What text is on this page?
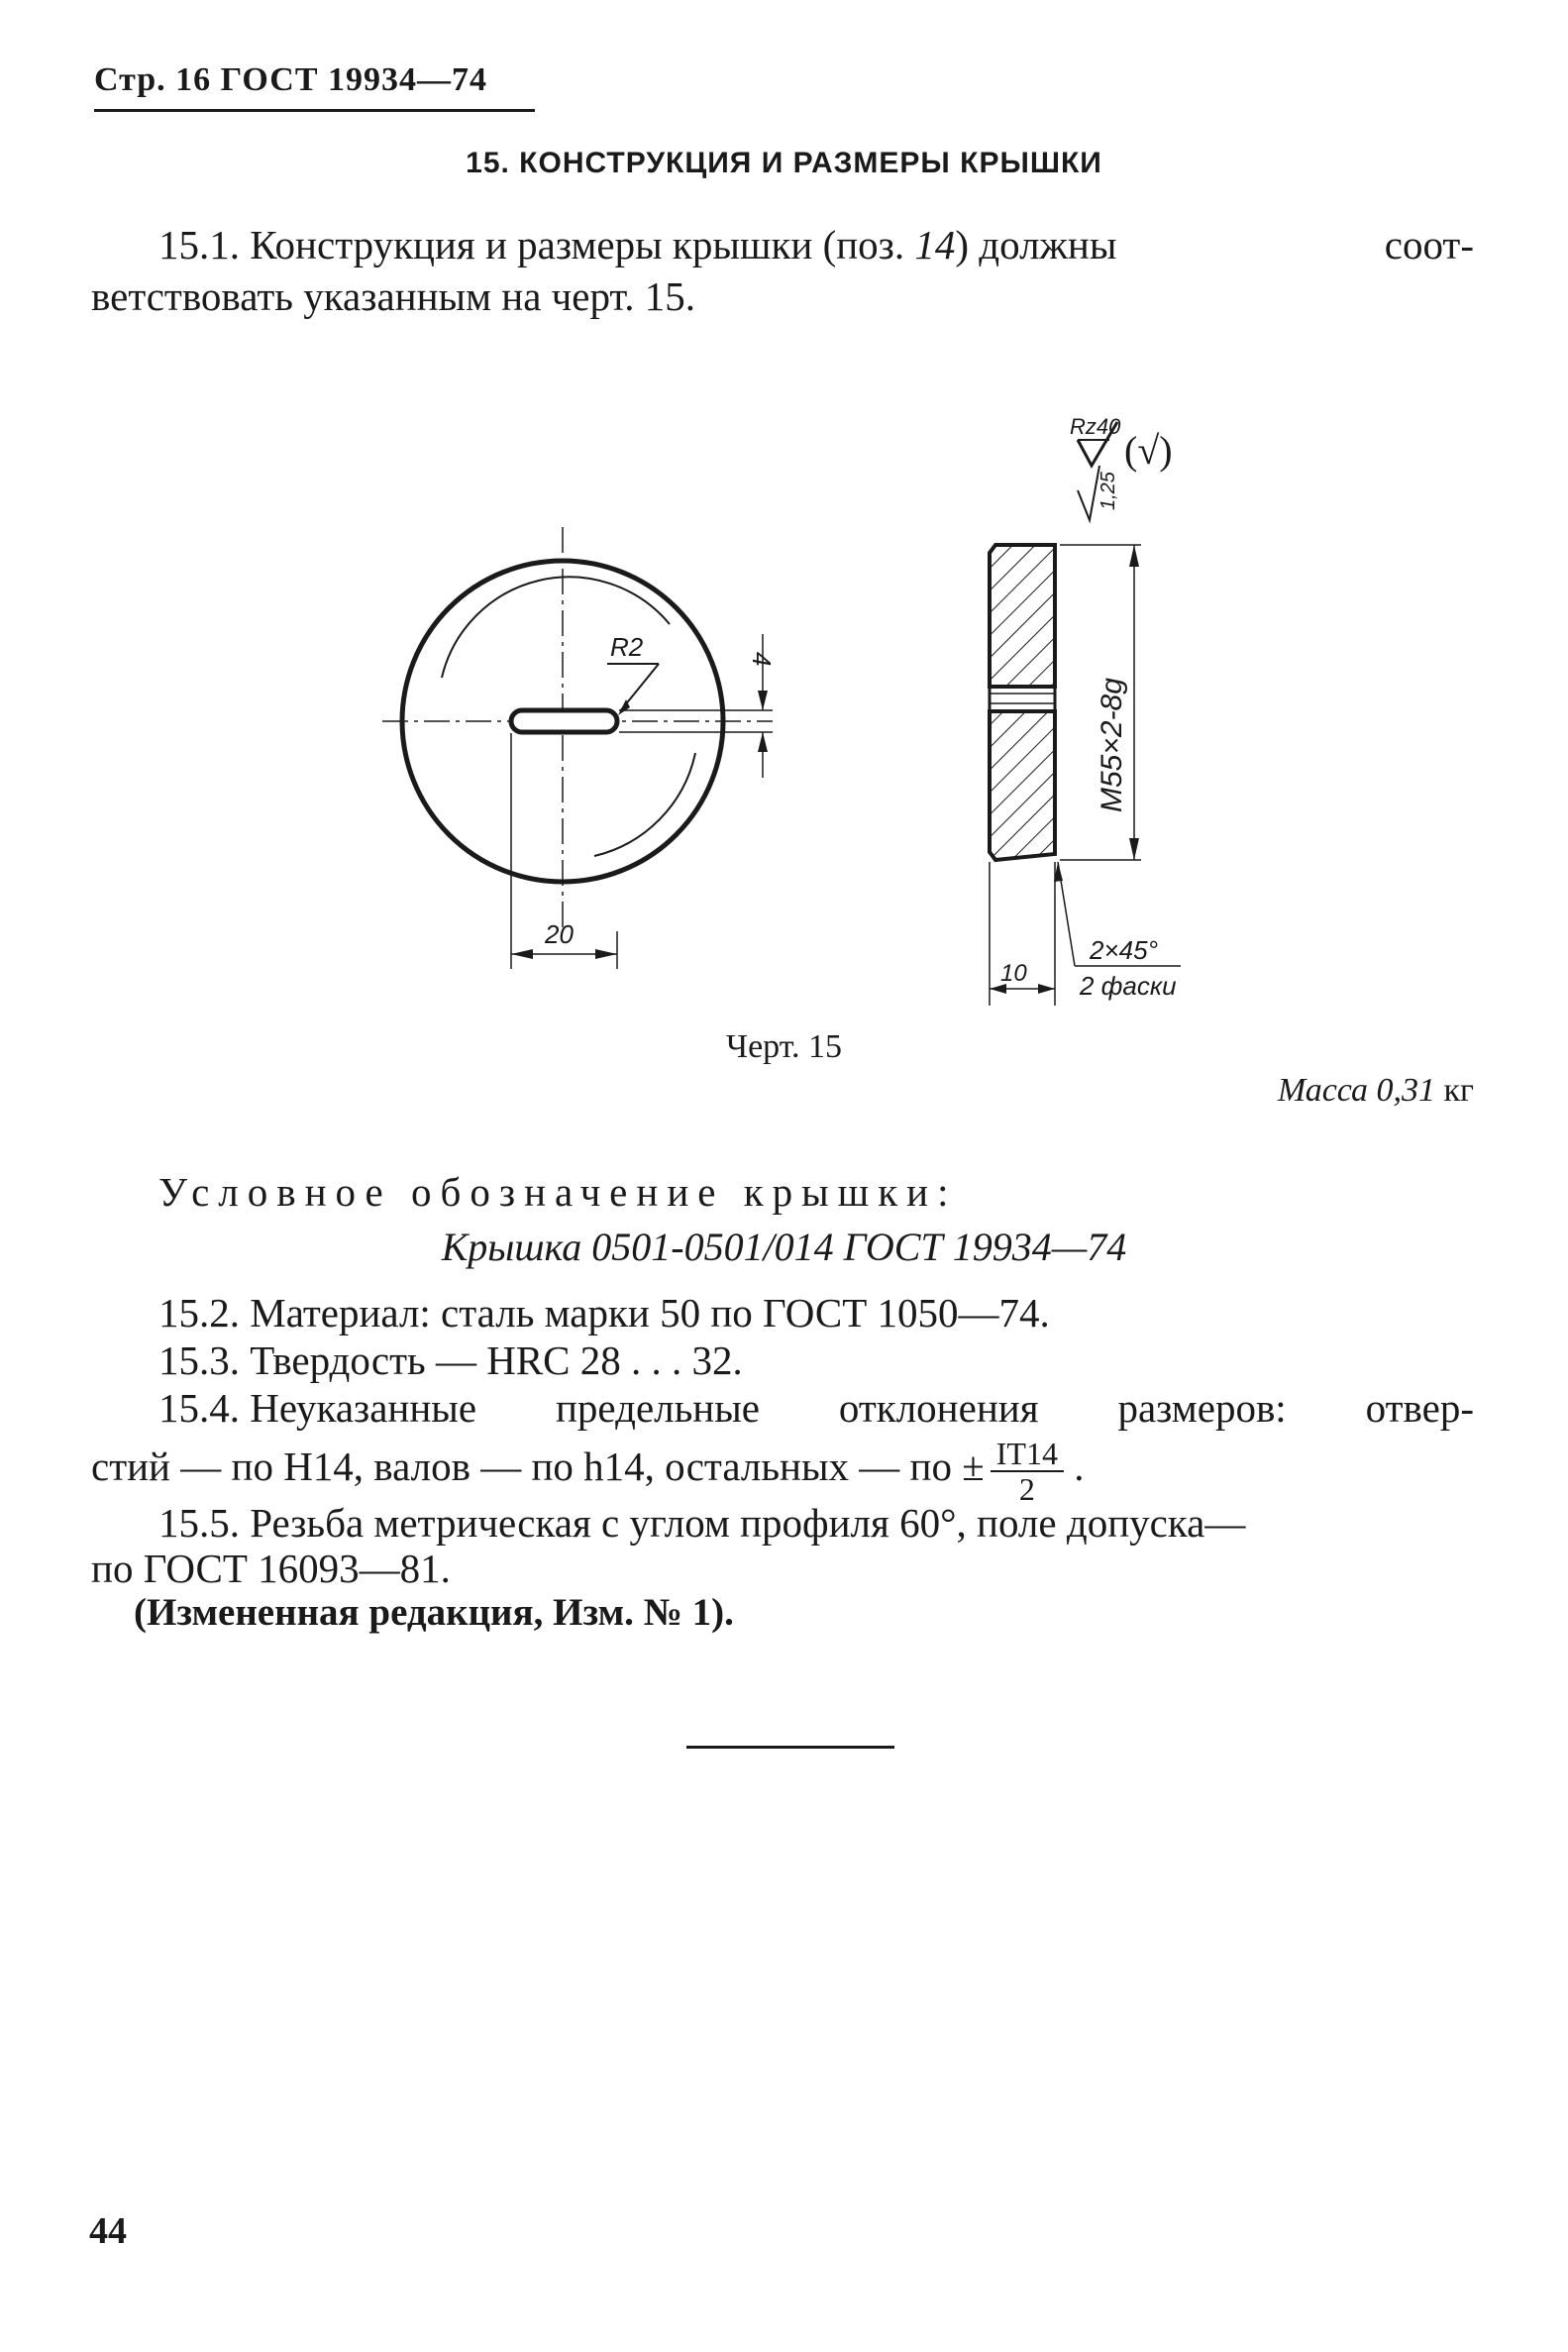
Стр. 16 ГОСТ 19934—74
15. КОНСТРУКЦИЯ И РАЗМЕРЫ КРЫШКИ
15.1. Конструкция и размеры крышки (поз. 14) должны	соот-
ветствовать указанным на черт. 15.
R2	4
20
M55×2-8g
Rz40
(√)
1,25
10
2×45°
2 фаски
Черт. 15
Масса 0,31 кг
Условное обозначение крышки:
Крышка 0501-0501/014 ГОСТ 19934—74
15.2. Материал: сталь марки 50 по ГОСТ 1050—74.
15.3. Твердость — HRC 28 . . . 32.
15.4. Неуказанные предельные отклонения размеров: отвер-
стий — по Н14, валов — по h14, остальных — по ± $\frac{IT14}{2}$ .
15.5. Резьба метрическая с углом профиля 60°, поле допуска—
по ГОСТ 16093—81.
(Измененная редакция, Изм. № 1).
44
